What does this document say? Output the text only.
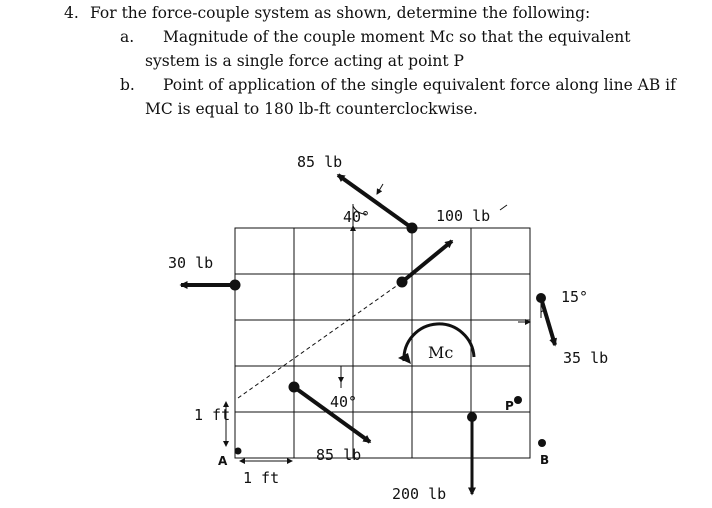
4. For the force-couple system as shown, determine the following:
a. Magnitude of the couple moment Mc so that the equivalent
system is a single force acting at point P
b. Point of application of the single equivalent force along line AB if
MC is equal to 180 lb-ft counterclockwise.
85 lb
40°	100 lb
30 lb
15°
35 lb
Mc
P
200 lb
B
40°
85 lb
A
1 ft
1 ft
